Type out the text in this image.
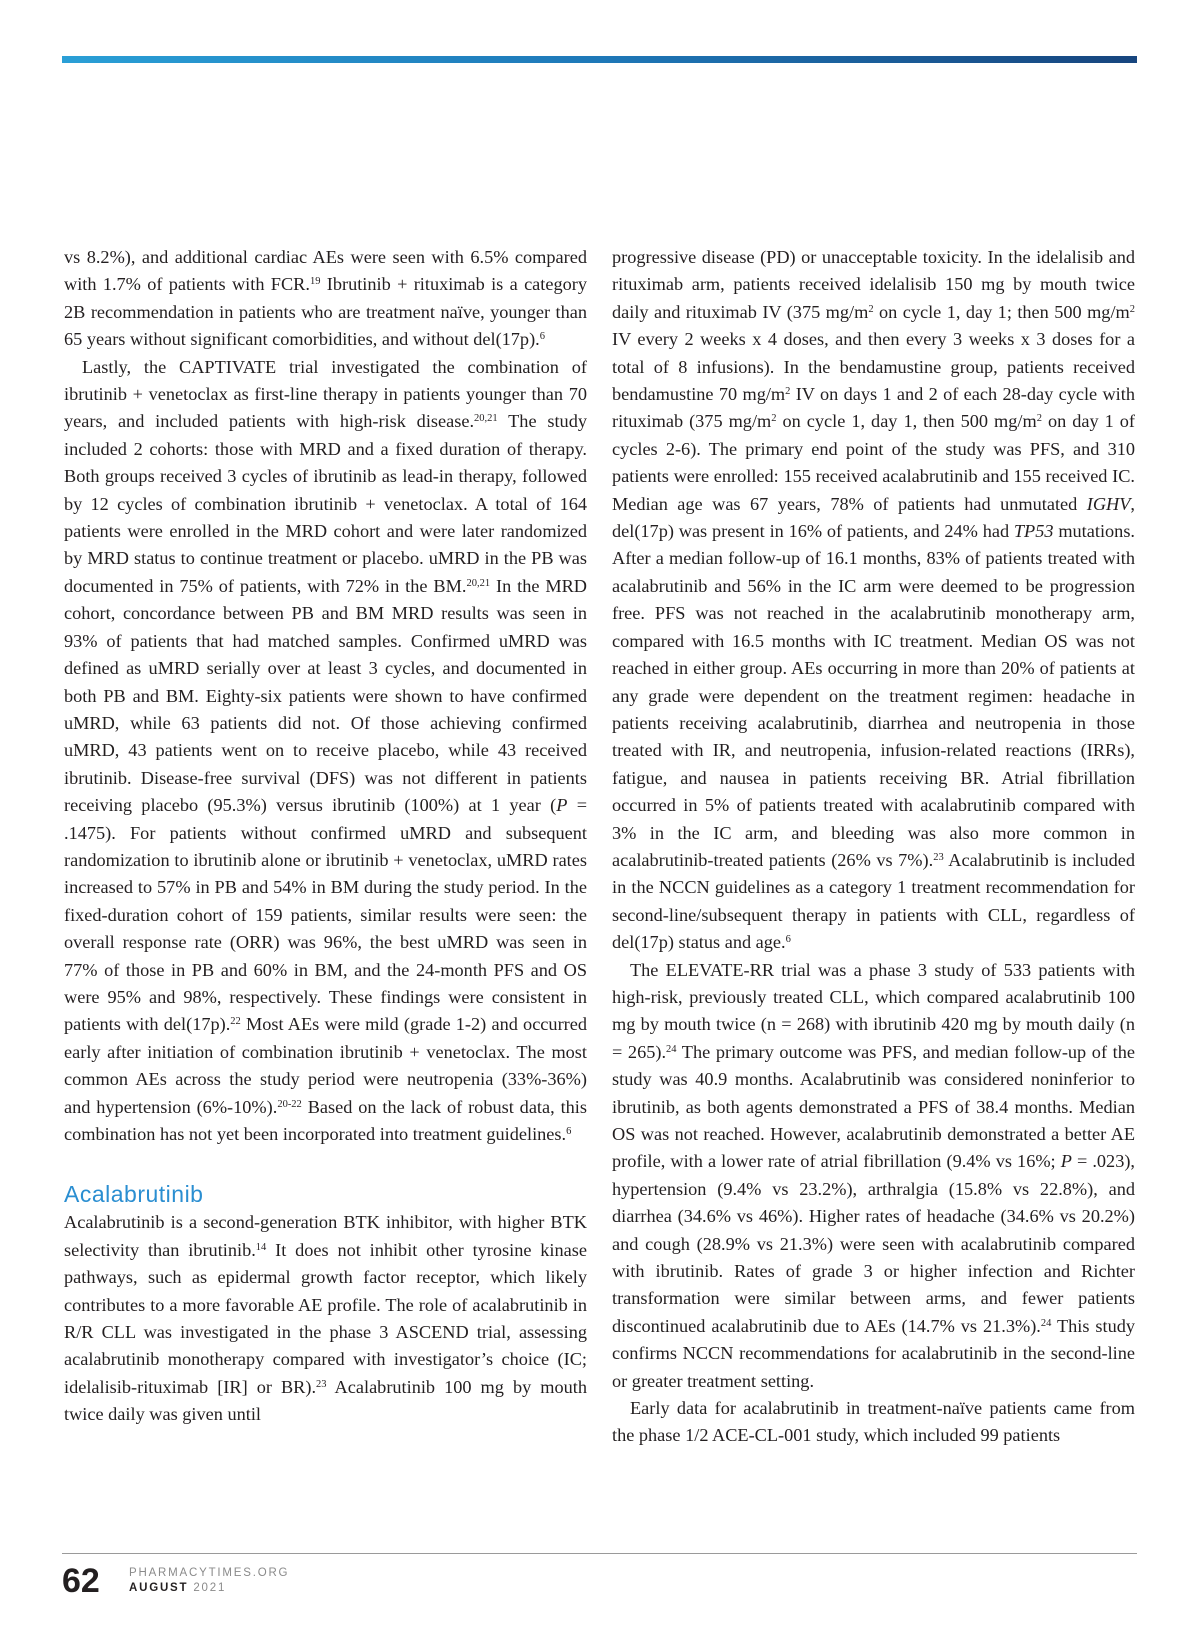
vs 8.2%), and additional cardiac AEs were seen with 6.5% compared with 1.7% of patients with FCR.$^{19}$ Ibrutinib + rituximab is a category 2B recommendation in patients who are treatment naïve, younger than 65 years without significant comorbidities, and without del(17p).$^6$

Lastly, the CAPTIVATE trial investigated the combination of ibrutinib + venetoclax as first-line therapy in patients younger than 70 years, and included patients with high-risk disease.$^{20,21}$ The study included 2 cohorts: those with MRD and a fixed duration of therapy. Both groups received 3 cycles of ibrutinib as lead-in therapy, followed by 12 cycles of combination ibrutinib + venetoclax. A total of 164 patients were enrolled in the MRD cohort and were later randomized by MRD status to continue treatment or placebo. uMRD in the PB was documented in 75% of patients, with 72% in the BM.$^{20,21}$ In the MRD cohort, concordance between PB and BM MRD results was seen in 93% of patients that had matched samples. Confirmed uMRD was defined as uMRD serially over at least 3 cycles, and documented in both PB and BM. Eighty-six patients were shown to have confirmed uMRD, while 63 patients did not. Of those achieving confirmed uMRD, 43 patients went on to receive placebo, while 43 received ibrutinib. Disease-free survival (DFS) was not different in patients receiving placebo (95.3%) versus ibrutinib (100%) at 1 year (P = .1475). For patients without confirmed uMRD and subsequent randomization to ibrutinib alone or ibrutinib + venetoclax, uMRD rates increased to 57% in PB and 54% in BM during the study period. In the fixed-duration cohort of 159 patients, similar results were seen: the overall response rate (ORR) was 96%, the best uMRD was seen in 77% of those in PB and 60% in BM, and the 24-month PFS and OS were 95% and 98%, respectively. These findings were consistent in patients with del(17p).$^{22}$ Most AEs were mild (grade 1-2) and occurred early after initiation of combination ibrutinib + venetoclax. The most common AEs across the study period were neutropenia (33%-36%) and hypertension (6%-10%).$^{20-22}$ Based on the lack of robust data, this combination has not yet been incorporated into treatment guidelines.$^6$

Acalabrutinib

Acalabrutinib is a second-generation BTK inhibitor, with higher BTK selectivity than ibrutinib.$^{14}$ It does not inhibit other tyrosine kinase pathways, such as epidermal growth factor receptor, which likely contributes to a more favorable AE profile. The role of acalabrutinib in R/R CLL was investigated in the phase 3 ASCEND trial, assessing acalabrutinib monotherapy compared with investigator’s choice (IC; idelalisib-rituximab [IR] or BR).$^{23}$ Acalabrutinib 100 mg by mouth twice daily was given until

progressive disease (PD) or unacceptable toxicity. In the idelalisib and rituximab arm, patients received idelalisib 150 mg by mouth twice daily and rituximab IV (375 $mg/m^2$ on cycle 1, day 1; then 500 $mg/m^2$ IV every 2 weeks x 4 doses, and then every 3 weeks x 3 doses for a total of 8 infusions). In the bendamustine group, patients received bendamustine 70 $mg/m^2$ IV on days 1 and 2 of each 28-day cycle with rituximab (375 $mg/m^2$ on cycle 1, day 1, then 500 $mg/m^2$ on day 1 of cycles 2-6). The primary end point of the study was PFS, and 310 patients were enrolled: 155 received acalabrutinib and 155 received IC. Median age was 67 years, 78% of patients had unmutated IGHV, del(17p) was present in 16% of patients, and 24% had TP53 mutations. After a median follow-up of 16.1 months, 83% of patients treated with acalabrutinib and 56% in the IC arm were deemed to be progression free. PFS was not reached in the acalabrutinib monotherapy arm, compared with 16.5 months with IC treatment. Median OS was not reached in either group. AEs occurring in more than 20% of patients at any grade were dependent on the treatment regimen: headache in patients receiving acalabrutinib, diarrhea and neutropenia in those treated with IR, and neutropenia, infusion-related reactions (IRRs), fatigue, and nausea in patients receiving BR. Atrial fibrillation occurred in 5% of patients treated with acalabrutinib compared with 3% in the IC arm, and bleeding was also more common in acalabrutinib-treated patients (26% vs 7%).$^{23}$ Acalabrutinib is included in the NCCN guidelines as a category 1 treatment recommendation for second-line/subsequent therapy in patients with CLL, regardless of del(17p) status and age.$^6$

The ELEVATE-RR trial was a phase 3 study of 533 patients with high-risk, previously treated CLL, which compared acalabrutinib 100 mg by mouth twice (n = 268) with ibrutinib 420 mg by mouth daily (n = 265).$^{24}$ The primary outcome was PFS, and median follow-up of the study was 40.9 months. Acalabrutinib was considered noninferior to ibrutinib, as both agents demonstrated a PFS of 38.4 months. Median OS was not reached. However, acalabrutinib demonstrated a better AE profile, with a lower rate of atrial fibrillation (9.4% vs 16%; P = .023), hypertension (9.4% vs 23.2%), arthralgia (15.8% vs 22.8%), and diarrhea (34.6% vs 46%). Higher rates of headache (34.6% vs 20.2%) and cough (28.9% vs 21.3%) were seen with acalabrutinib compared with ibrutinib. Rates of grade 3 or higher infection and Richter transformation were similar between arms, and fewer patients discontinued acalabrutinib due to AEs (14.7% vs 21.3%).$^{24}$ This study confirms NCCN recommendations for acalabrutinib in the second-line or greater treatment setting.

Early data for acalabrutinib in treatment-naïve patients came from the phase 1/2 ACE-CL-001 study, which included 99 patients

62	PHARMACYTIMES.ORG
AUGUST 2021
